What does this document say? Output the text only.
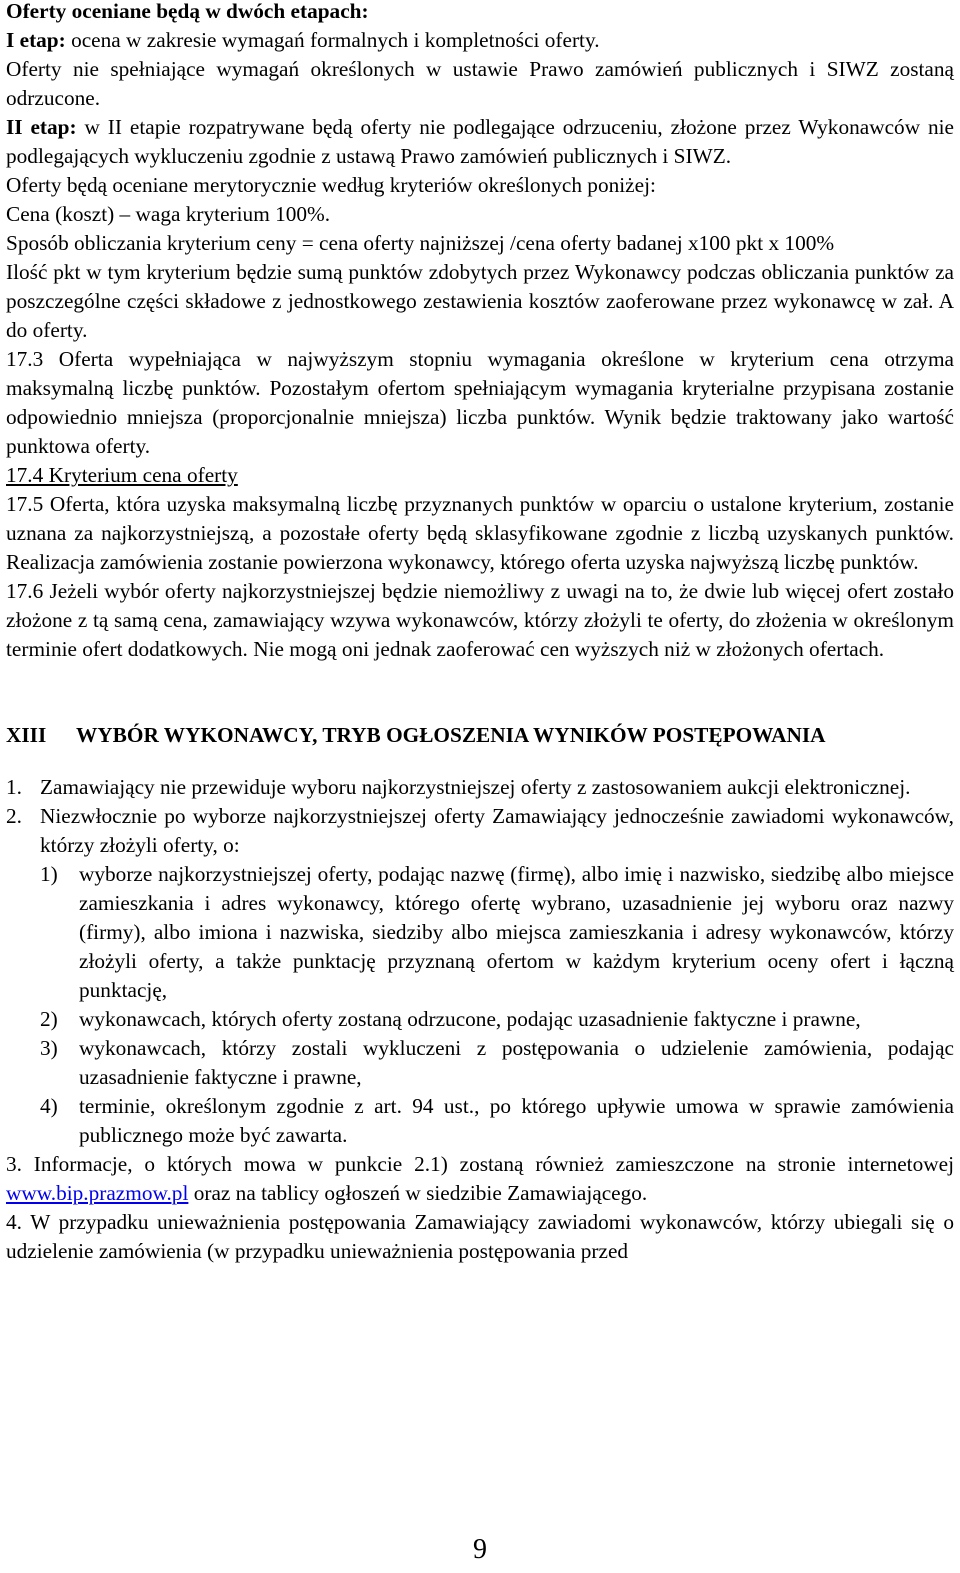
Oferty oceniane będą w dwóch etapach:

I etap: ocena w zakresie wymagań formalnych i kompletności oferty.

Oferty nie spełniające wymagań określonych w ustawie Prawo zamówień publicznych i SIWZ zostaną odrzucone.

II etap: w II etapie rozpatrywane będą oferty nie podlegające odrzuceniu, złożone przez Wykonawców nie podlegających wykluczeniu zgodnie z ustawą Prawo zamówień publicznych i SIWZ.

Oferty będą oceniane merytorycznie według kryteriów określonych poniżej:

Cena (koszt) – waga kryterium 100%.

Sposób obliczania kryterium ceny = cena oferty najniższej /cena oferty badanej x100 pkt x 100%

Ilość pkt w tym kryterium będzie sumą punktów zdobytych przez Wykonawcy podczas obliczania punktów za poszczególne części składowe z jednostkowego zestawienia kosztów zaoferowane przez wykonawcę w zał. A do oferty.

17.3 Oferta wypełniająca w najwyższym stopniu wymagania określone w kryterium cena otrzyma maksymalną liczbę punktów. Pozostałym ofertom spełniającym wymagania kryterialne przypisana zostanie odpowiednio mniejsza (proporcjonalnie mniejsza) liczba punktów. Wynik będzie traktowany jako wartość punktowa oferty.

17.4 Kryterium cena oferty

17.5 Oferta, która uzyska maksymalną liczbę przyznanych punktów w oparciu o ustalone kryterium, zostanie uznana za najkorzystniejszą, a pozostałe oferty będą sklasyfikowane zgodnie z liczbą uzyskanych punktów. Realizacja zamówienia zostanie powierzona wykonawcy, którego oferta uzyska najwyższą liczbę punktów.

17.6 Jeżeli wybór oferty najkorzystniejszej będzie niemożliwy z uwagi na to, że dwie lub więcej ofert zostało złożone z tą samą cena, zamawiający wzywa wykonawców, którzy złożyli te oferty, do złożenia w określonym terminie ofert dodatkowych. Nie mogą oni jednak zaoferować cen wyższych niż w złożonych ofertach.

XIII WYBÓR WYKONAWCY, TRYB OGŁOSZENIA WYNIKÓW POSTĘPOWANIA

1. Zamawiający nie przewiduje wyboru najkorzystniejszej oferty z zastosowaniem aukcji elektronicznej.
2. Niezwłocznie po wyborze najkorzystniejszej oferty Zamawiający jednocześnie zawiadomi wykonawców, którzy złożyli oferty, o:
1) wyborze najkorzystniejszej oferty, podając nazwę (firmę), albo imię i nazwisko, siedzibę albo miejsce zamieszkania i adres wykonawcy, którego ofertę wybrano, uzasadnienie jej wyboru oraz nazwy (firmy), albo imiona i nazwiska, siedziby albo miejsca zamieszkania i adresy wykonawców, którzy złożyli oferty, a także punktację przyznaną ofertom w każdym kryterium oceny ofert i łączną punktację,
2) wykonawcach, których oferty zostaną odrzucone, podając uzasadnienie faktyczne i prawne,
3) wykonawcach, którzy zostali wykluczeni z postępowania o udzielenie zamówienia, podając uzasadnienie faktyczne i prawne,
4) terminie, określonym zgodnie z art. 94 ust., po którego upływie umowa w sprawie zamówienia publicznego może być zawarta.

3. Informacje, o których mowa w punkcie 2.1) zostaną również zamieszczone na stronie internetowej www.bip.prazmow.pl oraz na tablicy ogłoszeń w siedzibie Zamawiającego.

4. W przypadku unieważnienia postępowania Zamawiający zawiadomi wykonawców, którzy ubiegali się o udzielenie zamówienia (w przypadku unieważnienia postępowania przed

9
